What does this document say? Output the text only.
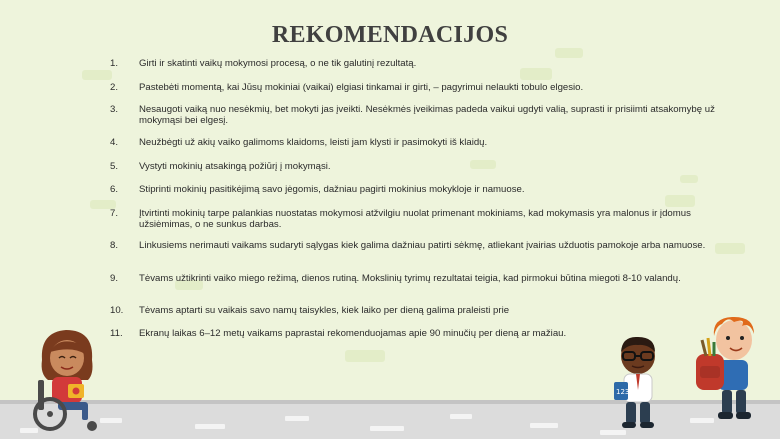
REKOMENDACIJOS
1. Girti ir skatinti vaikų mokymosi procesą, o ne tik galutinį rezultatą.
2. Pastebėti momentą, kai Jūsų mokiniai (vaikai) elgiasi tinkamai ir girti, – pagyrimui nelaukti tobulo elgesio.
3. Nesaugoti vaiką nuo nesėkmių, bet mokyti jas įveikti. Nesėkmės įveikimas padeda vaikui ugdyti valią, suprasti ir prisiimti atsakomybę už mokymąsi bei elgesį.
4. Neužbėgti už akių vaiko galimoms klaidoms, leisti jam klysti ir pasimokyti iš klaidų.
5. Vystyti mokinių atsakingą požiūrį į mokymąsi.
6. Stiprinti mokinių pasitikėjimą savo jėgomis, dažniau pagirti mokinius mokykloje ir namuose.
7. Įtvirtinti mokinių tarpe palankias nuostatas mokymosi atžvilgiu nuolat primenant mokiniams, kad mokymasis yra malonus ir įdomus užsiėmimas, o ne sunkus darbas.
8. Linkusiems nerimauti vaikams sudaryti sąlygas kiek galima dažniau patirti sėkmę, atliekant įvairias užduotis pamokoje arba namuose.
9. Tėvams užtikrinti vaiko miego režimą, dienos rutiną. Mokslinių tyrimų rezultatai teigia, kad pirmokui būtina miegoti 8-10 valandų.
10. Tėvams aptarti su vaikais savo namų taisykles, kiek laiko per dieną galima praleisti prie
11. Ekranų laikas 6–12 metų vaikams paprastai rekomenduojamas apie 90 minučių per dieną ar mažiau.
123
